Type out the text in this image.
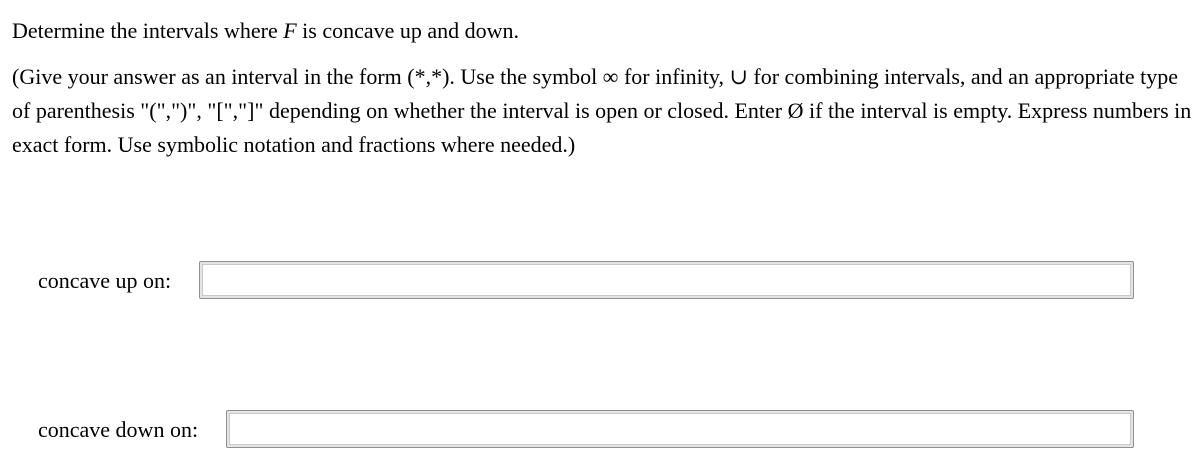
Determine the intervals where F is concave up and down.
(Give your answer as an interval in the form (*,*). Use the symbol ∞ for infinity, ∪ for combining intervals, and an appropriate type of parenthesis "(",")", "[","]" depending on whether the interval is open or closed. Enter Ø if the interval is empty. Express numbers in exact form. Use symbolic notation and fractions where needed.)
concave up on:
concave down on:
